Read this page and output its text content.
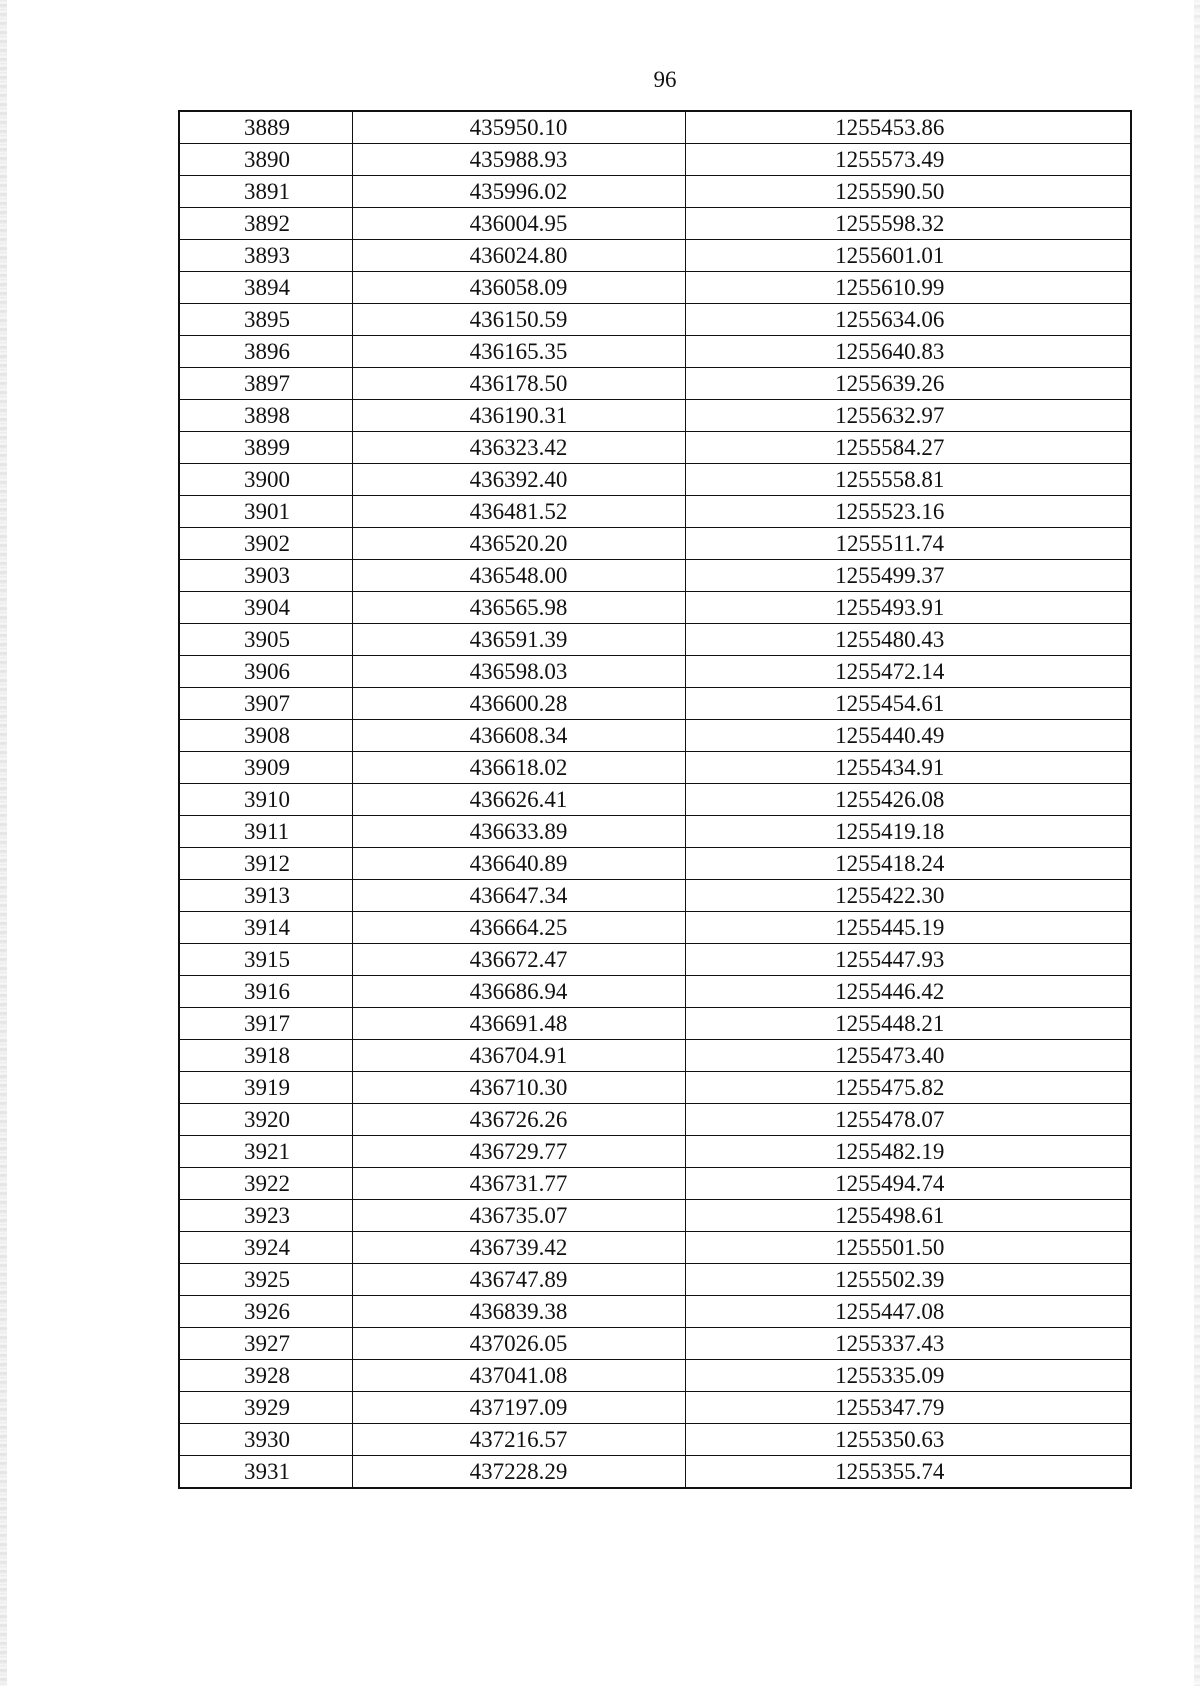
96
3889	435950.10	1255453.86
3890	435988.93	1255573.49
3891	435996.02	1255590.50
3892	436004.95	1255598.32
3893	436024.80	1255601.01
3894	436058.09	1255610.99
3895	436150.59	1255634.06
3896	436165.35	1255640.83
3897	436178.50	1255639.26
3898	436190.31	1255632.97
3899	436323.42	1255584.27
3900	436392.40	1255558.81
3901	436481.52	1255523.16
3902	436520.20	1255511.74
3903	436548.00	1255499.37
3904	436565.98	1255493.91
3905	436591.39	1255480.43
3906	436598.03	1255472.14
3907	436600.28	1255454.61
3908	436608.34	1255440.49
3909	436618.02	1255434.91
3910	436626.41	1255426.08
3911	436633.89	1255419.18
3912	436640.89	1255418.24
3913	436647.34	1255422.30
3914	436664.25	1255445.19
3915	436672.47	1255447.93
3916	436686.94	1255446.42
3917	436691.48	1255448.21
3918	436704.91	1255473.40
3919	436710.30	1255475.82
3920	436726.26	1255478.07
3921	436729.77	1255482.19
3922	436731.77	1255494.74
3923	436735.07	1255498.61
3924	436739.42	1255501.50
3925	436747.89	1255502.39
3926	436839.38	1255447.08
3927	437026.05	1255337.43
3928	437041.08	1255335.09
3929	437197.09	1255347.79
3930	437216.57	1255350.63
3931	437228.29	1255355.74
